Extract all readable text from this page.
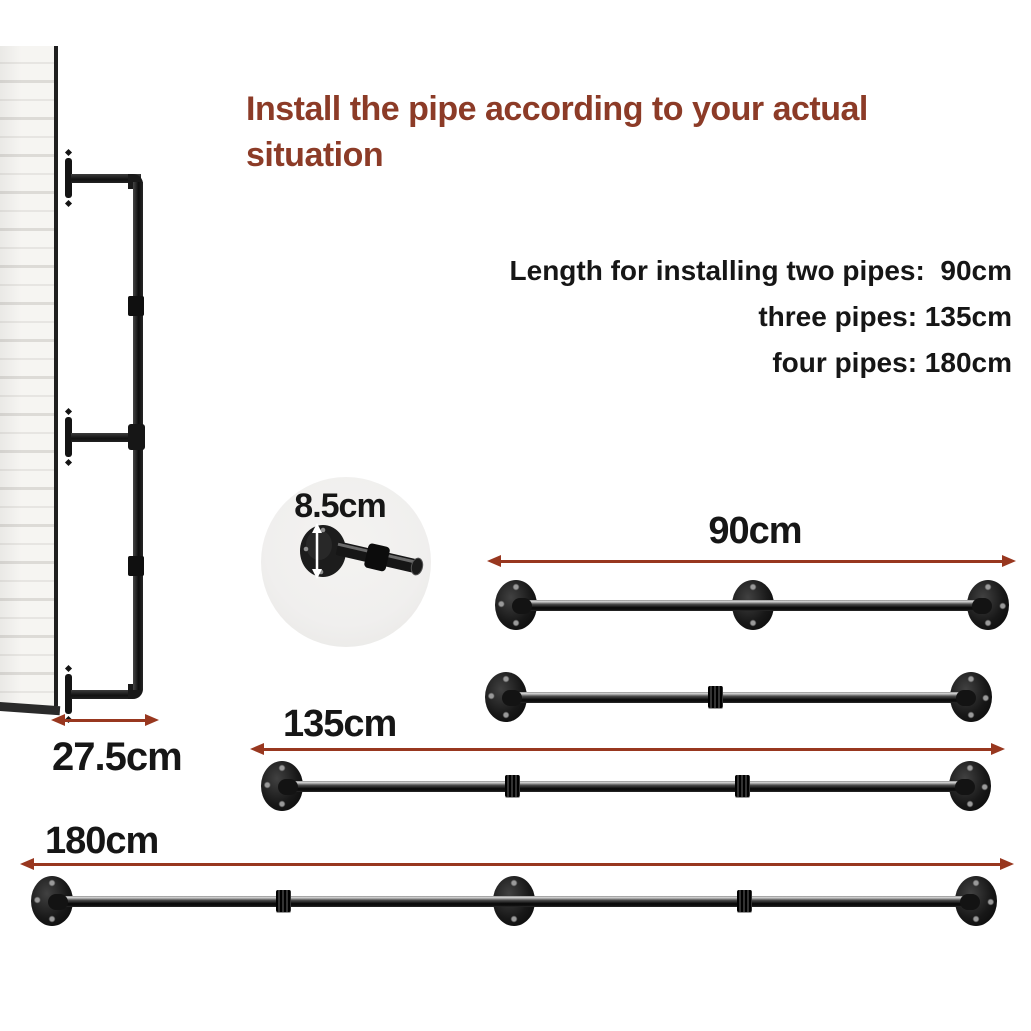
Install the pipe according to your actual
situation
Length for installing two pipes:  90cm
three pipes: 135cm
four pipes: 180cm
8.5cm
27.5cm
90cm
135cm
180cm
